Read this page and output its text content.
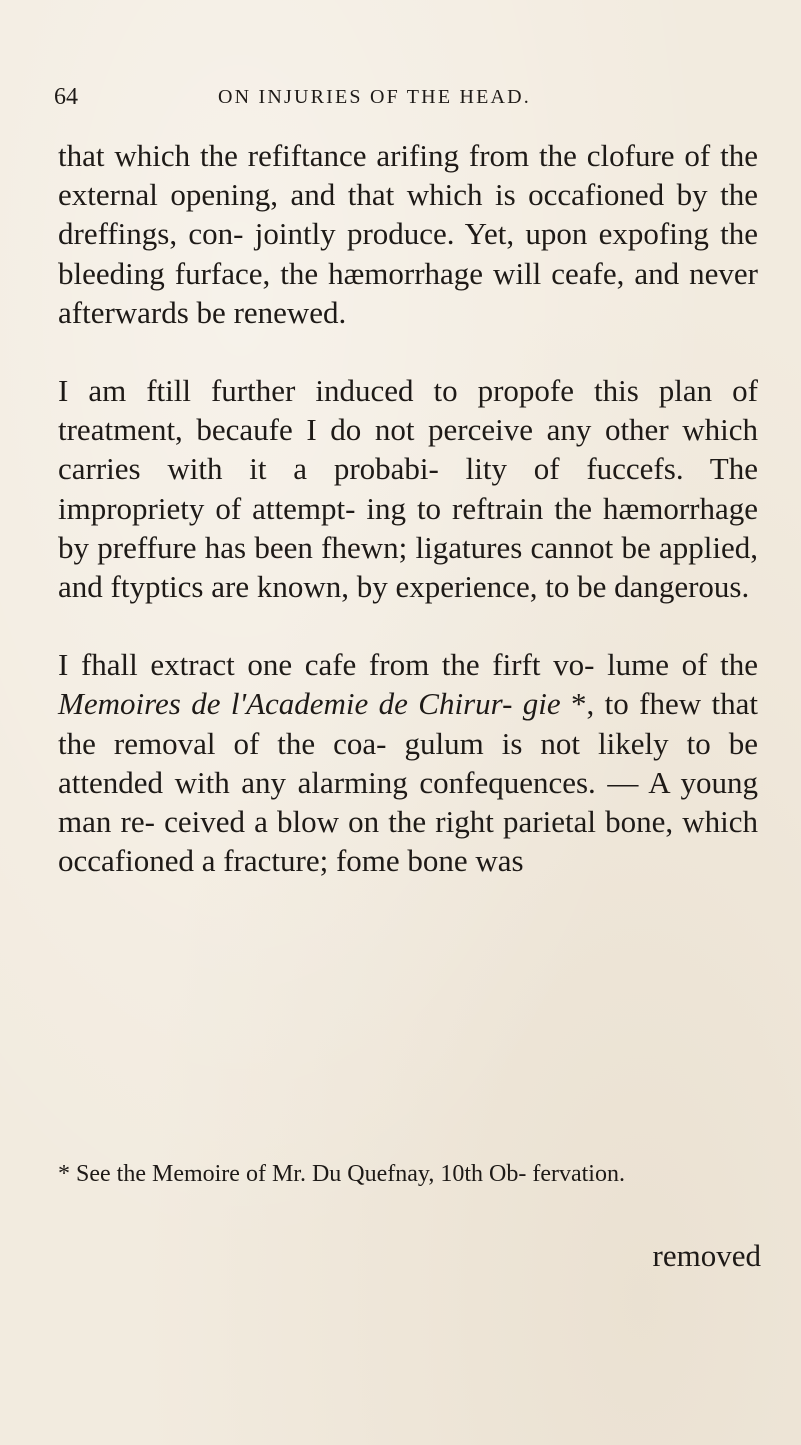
64	ON INJURIES OF THE HEAD.

that which the refiftance arifing from the clofure of the external opening, and that which is occafioned by the dreffings, con- jointly produce. Yet, upon expofing the bleeding furface, the hæmorrhage will ceafe, and never afterwards be renewed.

I am ftill further induced to propofe this plan of treatment, becaufe I do not perceive any other which carries with it a probabi- lity of fuccefs. The impropriety of attempt- ing to reftrain the hæmorrhage by preffure has been fhewn; ligatures cannot be applied, and ftyptics are known, by experience, to be dangerous.

I fhall extract one cafe from the firft vo- lume of the Memoires de l'Academie de Chirur- gie *, to fhew that the removal of the coa- gulum is not likely to be attended with any alarming confequences. — A young man re- ceived a blow on the right parietal bone, which occafioned a fracture; fome bone was

* See the Memoire of Mr. Du Quefnay, 10th Ob- fervation.
removed
